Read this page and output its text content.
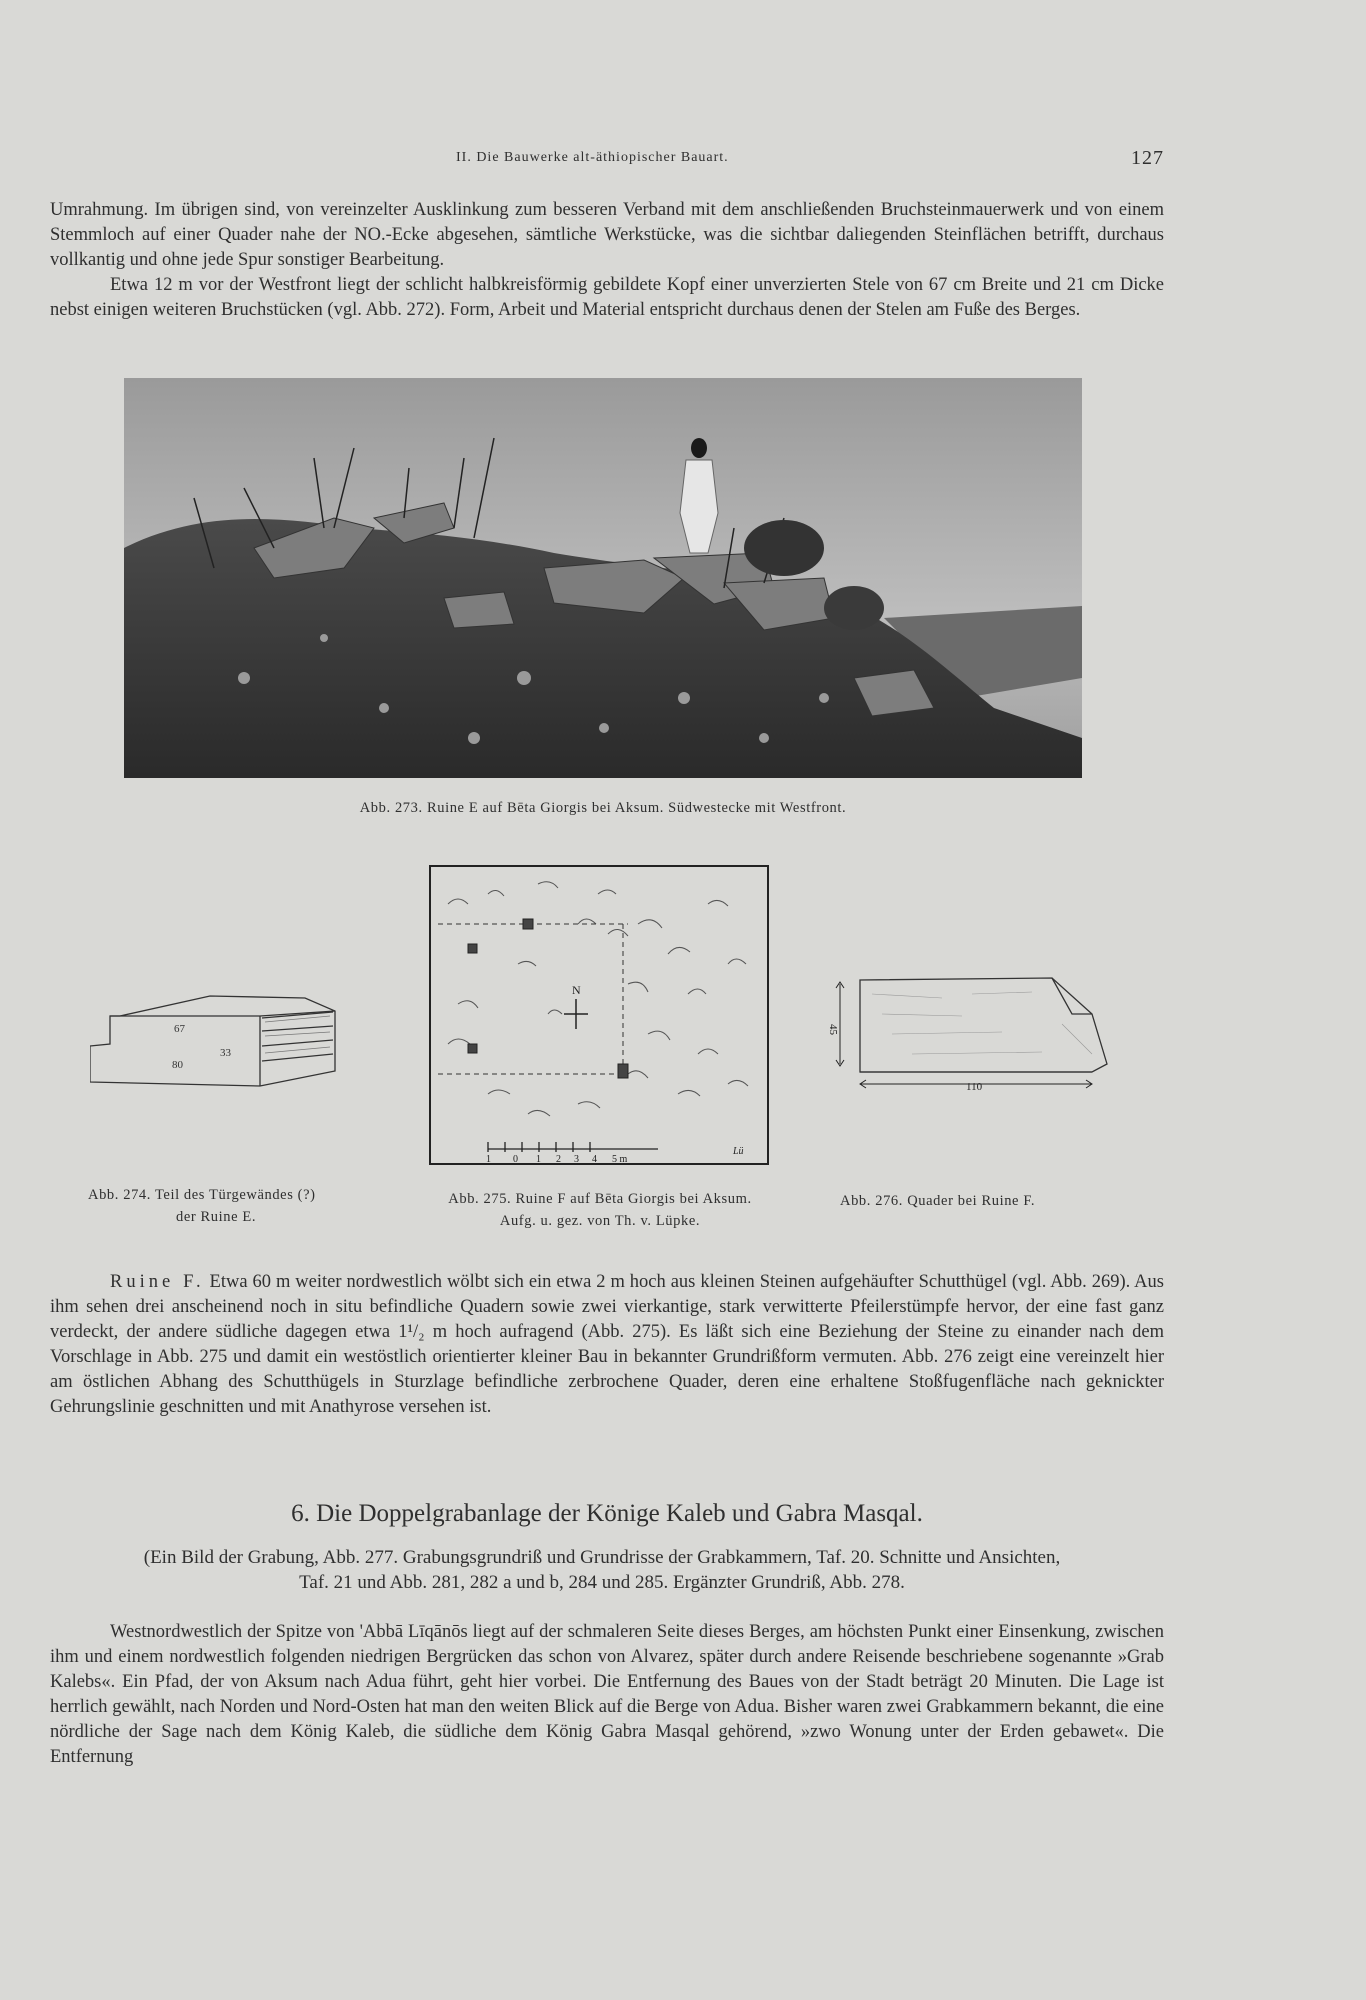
II. Die Bauwerke alt-äthiopischer Bauart.	127

Umrahmung. Im übrigen sind, von vereinzelter Ausklinkung zum besseren Verband mit dem anschließenden Bruchsteinmauerwerk und von einem Stemmloch auf einer Quader nahe der NO.-Ecke abgesehen, sämtliche Werkstücke, was die sichtbar daliegenden Steinflächen betrifft, durchaus vollkantig und ohne jede Spur sonstiger Bearbeitung.

Etwa 12 m vor der Westfront liegt der schlicht halbkreisförmig gebildete Kopf einer unverzierten Stele von 67 cm Breite und 21 cm Dicke nebst einigen weiteren Bruchstücken (vgl. Abb. 272). Form, Arbeit und Material entspricht durchaus denen der Stelen am Fuße des Berges.

Abb. 273. Ruine E auf Bēta Giorgis bei Aksum. Südwestecke mit Westfront.
67
33
80
Abb. 274. Teil des Türgewändes (?)
der Ruine E.
N
1 0 1 2 3 4 5 m
Lü
Abb. 275. Ruine F auf Bēta Giorgis bei Aksum.
Aufg. u. gez. von Th. v. Lüpke.
45
110
Abb. 276. Quader bei Ruine F.

Ruine F. Etwa 60 m weiter nordwestlich wölbt sich ein etwa 2 m hoch aus kleinen Steinen aufgehäufter Schutthügel (vgl. Abb. 269). Aus ihm sehen drei anscheinend noch in situ befindliche Quadern sowie zwei vierkantige, stark verwitterte Pfeilerstümpfe hervor, der eine fast ganz verdeckt, der andere südliche dagegen etwa 1¹/₂ m hoch aufragend (Abb. 275). Es läßt sich eine Beziehung der Steine zu einander nach dem Vorschlage in Abb. 275 und damit ein westöstlich orientierter kleiner Bau in bekannter Grundrißform vermuten. Abb. 276 zeigt eine vereinzelt hier am östlichen Abhang des Schutthügels in Sturzlage befindliche zerbrochene Quader, deren eine erhaltene Stoßfugenfläche nach geknickter Gehrungslinie geschnitten und mit Anathyrose versehen ist.

6. Die Doppelgrabanlage der Könige Kaleb und Gabra Masqal.
(Ein Bild der Grabung, Abb. 277. Grabungsgrundriß und Grundrisse der Grabkammern, Taf. 20. Schnitte und Ansichten,
Taf. 21 und Abb. 281, 282 a und b, 284 und 285. Ergänzter Grundriß, Abb. 278.

Westnordwestlich der Spitze von 'Abbā Līqānōs liegt auf der schmaleren Seite dieses Berges, am höchsten Punkt einer Einsenkung, zwischen ihm und einem nordwestlich folgenden niedrigen Bergrücken das schon von Alvarez, später durch andere Reisende beschriebene sogenannte »Grab Kalebs«. Ein Pfad, der von Aksum nach Adua führt, geht hier vorbei. Die Entfernung des Baues von der Stadt beträgt 20 Minuten. Die Lage ist herrlich gewählt, nach Norden und Nord-Osten hat man den weiten Blick auf die Berge von Adua. Bisher waren zwei Grabkammern bekannt, die eine nördliche der Sage nach dem König Kaleb, die südliche dem König Gabra Masqal gehörend, »zwo Wonung unter der Erden gebawet«. Die Entfernung
